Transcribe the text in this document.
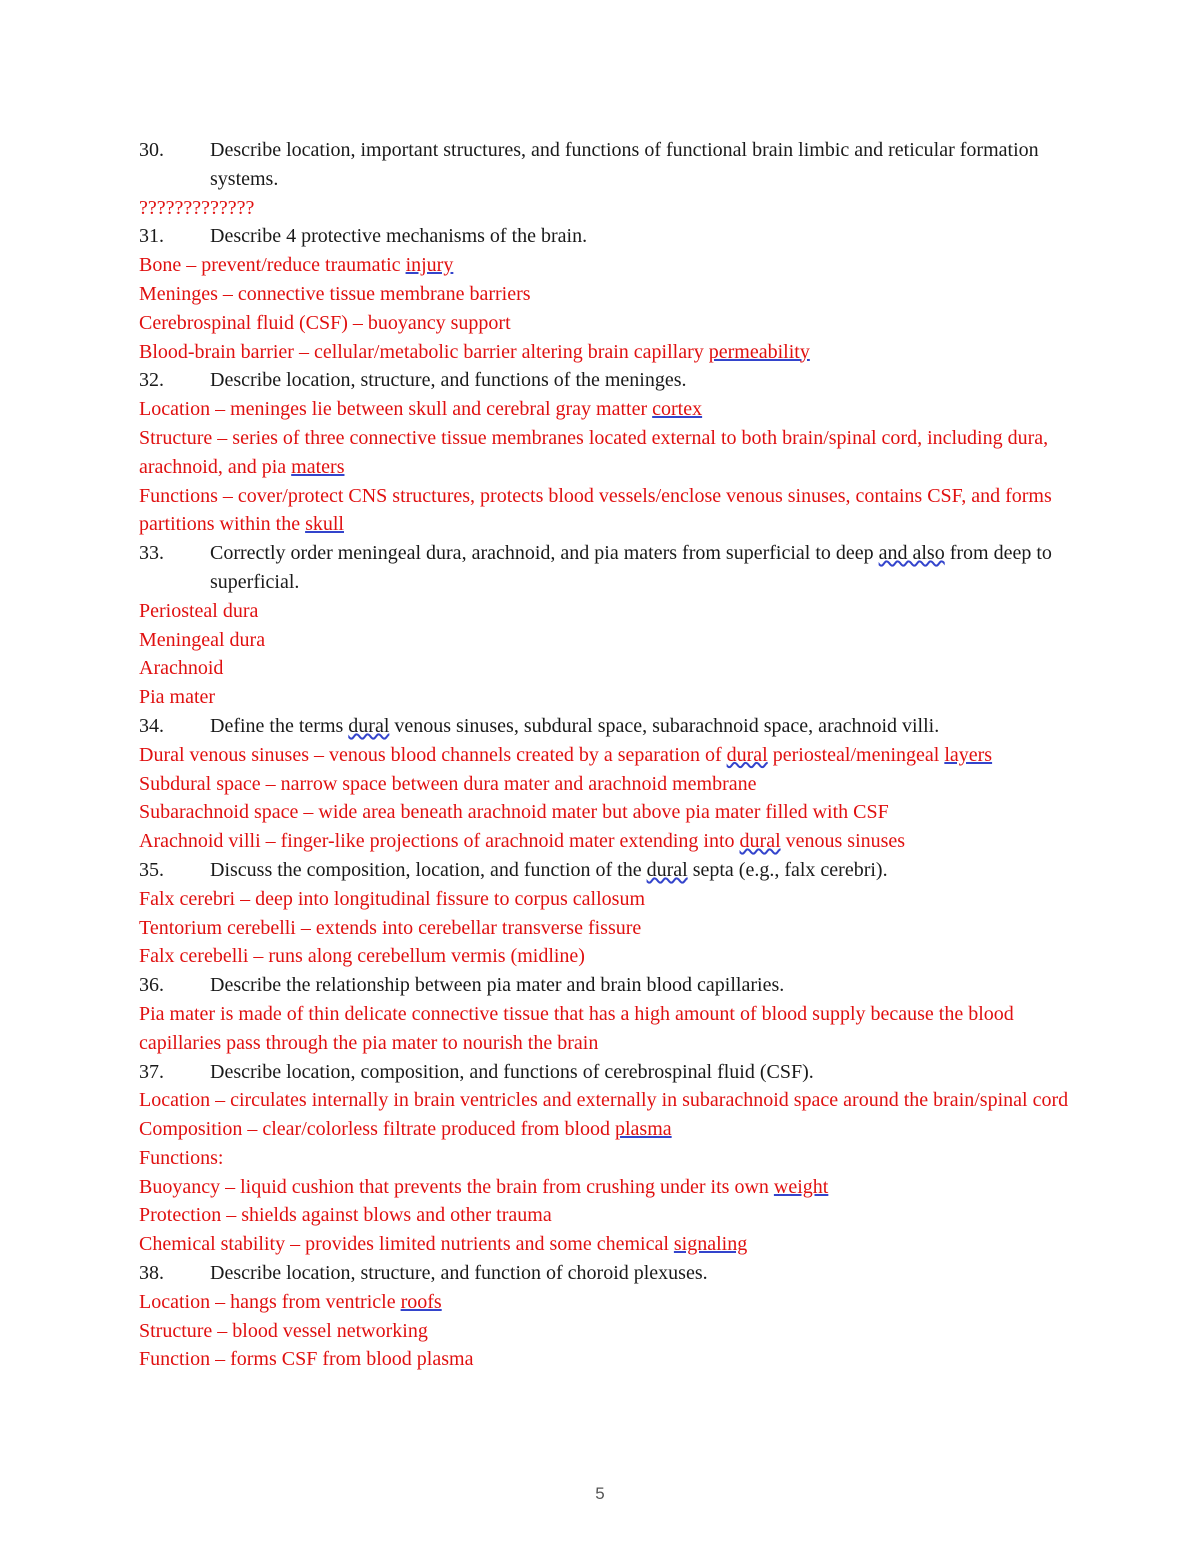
30. Describe location, important structures, and functions of functional brain limbic and reticular formation systems.
?????????????
31. Describe 4 protective mechanisms of the brain.
Bone – prevent/reduce traumatic injury
Meninges – connective tissue membrane barriers
Cerebrospinal fluid (CSF) – buoyancy support
Blood-brain barrier – cellular/metabolic barrier altering brain capillary permeability
32. Describe location, structure, and functions of the meninges.
Location – meninges lie between skull and cerebral gray matter cortex
Structure – series of three connective tissue membranes located external to both brain/spinal cord, including dura, arachnoid, and pia maters
Functions – cover/protect CNS structures, protects blood vessels/enclose venous sinuses, contains CSF, and forms partitions within the skull
33. Correctly order meningeal dura, arachnoid, and pia maters from superficial to deep and also from deep to superficial.
Periosteal dura
Meningeal dura
Arachnoid
Pia mater
34. Define the terms dural venous sinuses, subdural space, subarachnoid space, arachnoid villi.
Dural venous sinuses – venous blood channels created by a separation of dural periosteal/meningeal layers
Subdural space – narrow space between dura mater and arachnoid membrane
Subarachnoid space – wide area beneath arachnoid mater but above pia mater filled with CSF
Arachnoid villi – finger-like projections of arachnoid mater extending into dural venous sinuses
35. Discuss the composition, location, and function of the dural septa (e.g., falx cerebri).
Falx cerebri – deep into longitudinal fissure to corpus callosum
Tentorium cerebelli – extends into cerebellar transverse fissure
Falx cerebelli – runs along cerebellum vermis (midline)
36. Describe the relationship between pia mater and brain blood capillaries.
Pia mater is made of thin delicate connective tissue that has a high amount of blood supply because the blood capillaries pass through the pia mater to nourish the brain
37. Describe location, composition, and functions of cerebrospinal fluid (CSF).
Location – circulates internally in brain ventricles and externally in subarachnoid space around the brain/spinal cord
Composition – clear/colorless filtrate produced from blood plasma
Functions:
Buoyancy – liquid cushion that prevents the brain from crushing under its own weight
Protection – shields against blows and other trauma
Chemical stability – provides limited nutrients and some chemical signaling
38. Describe location, structure, and function of choroid plexuses.
Location – hangs from ventricle roofs
Structure – blood vessel networking
Function – forms CSF from blood plasma
5
